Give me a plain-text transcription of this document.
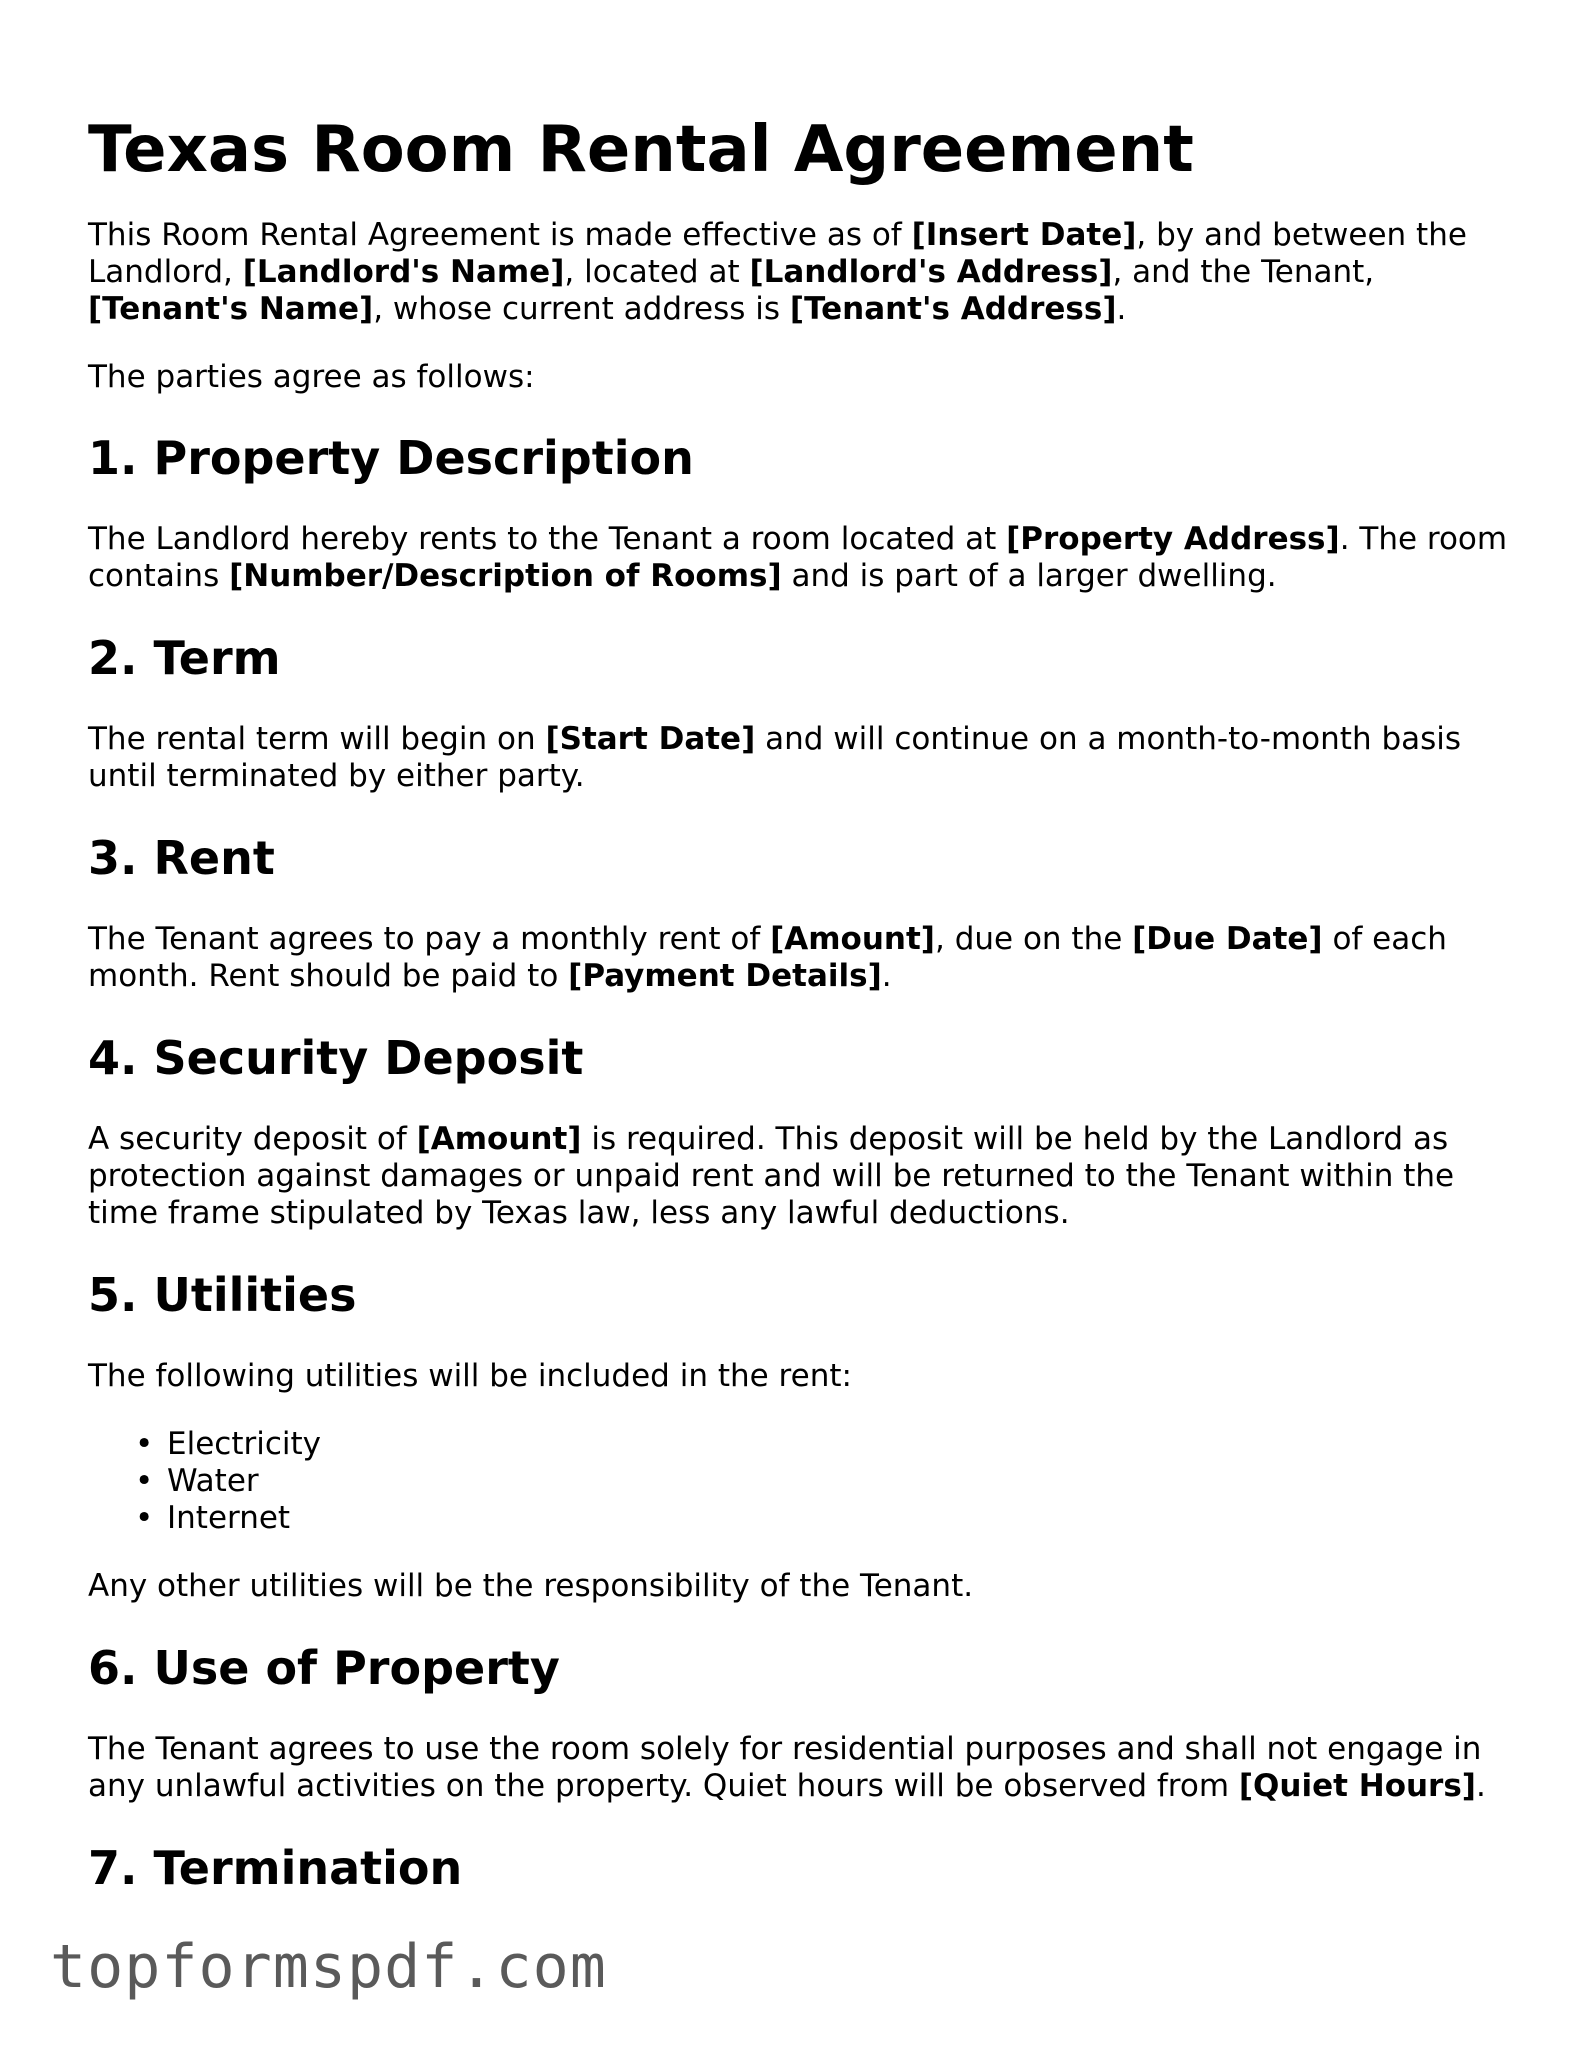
Texas Room Rental Agreement

This Room Rental Agreement is made effective as of [Insert Date], by and between the Landlord, [Landlord's Name], located at [Landlord's Address], and the Tenant, [Tenant's Name], whose current address is [Tenant's Address].

The parties agree as follows:

1. Property Description

The Landlord hereby rents to the Tenant a room located at [Property Address]. The room contains [Number/Description of Rooms] and is part of a larger dwelling.

2. Term

The rental term will begin on [Start Date] and will continue on a month-to-month basis until terminated by either party.

3. Rent

The Tenant agrees to pay a monthly rent of [Amount], due on the [Due Date] of each month. Rent should be paid to [Payment Details].

4. Security Deposit

A security deposit of [Amount] is required. This deposit will be held by the Landlord as protection against damages or unpaid rent and will be returned to the Tenant within the time frame stipulated by Texas law, less any lawful deductions.

5. Utilities

The following utilities will be included in the rent:

• Electricity
• Water
• Internet

Any other utilities will be the responsibility of the Tenant.

6. Use of Property

The Tenant agrees to use the room solely for residential purposes and shall not engage in any unlawful activities on the property. Quiet hours will be observed from [Quiet Hours].

7. Termination
topformspdf.com
